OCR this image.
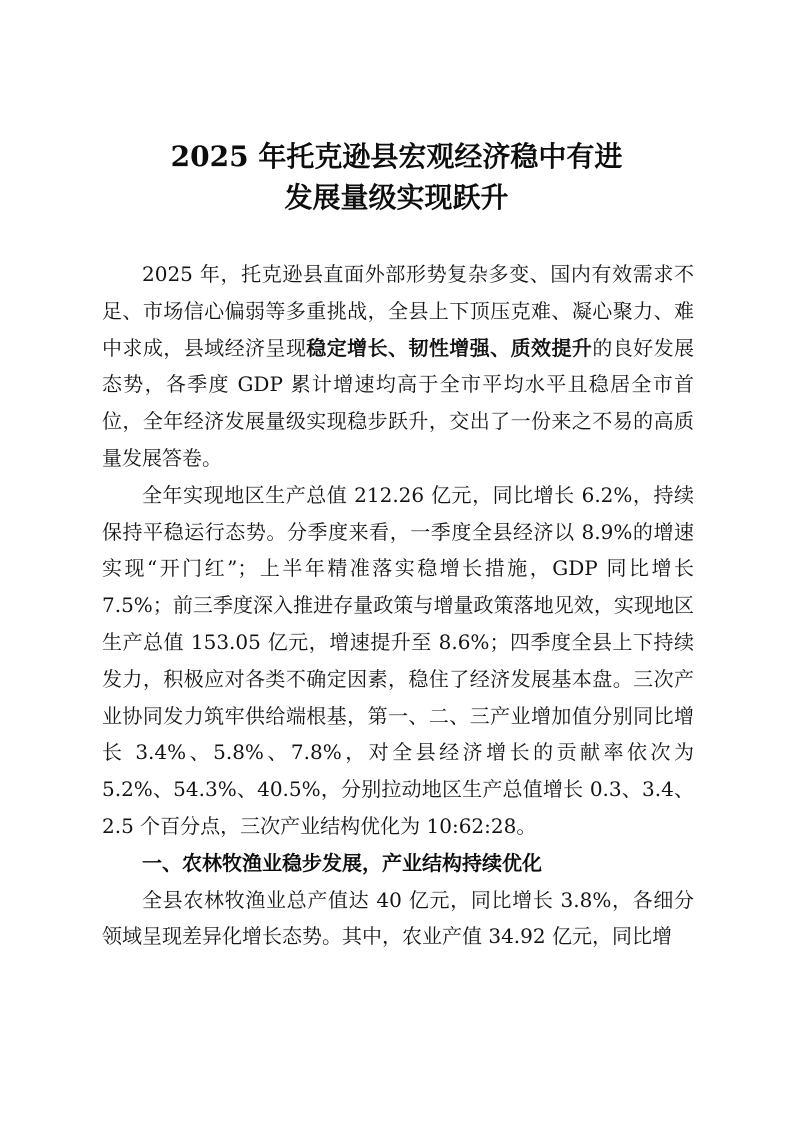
2025 年托克逊县宏观经济稳中有进
发展量级实现跃升

2025 年，托克逊县直面外部形势复杂多变、国内有效需求不足、市场信心偏弱等多重挑战，全县上下顶压克难、凝心聚力、难中求成，县域经济呈现稳定增长、韧性增强、质效提升的良好发展态势，各季度 GDP 累计增速均高于全市平均水平且稳居全市首位，全年经济发展量级实现稳步跃升，交出了一份来之不易的高质量发展答卷。

全年实现地区生产总值 212.26 亿元，同比增长 6.2%，持续保持平稳运行态势。分季度来看，一季度全县经济以 8.9%的增速实现“开门红”；上半年精准落实稳增长措施，GDP 同比增长 7.5%；前三季度深入推进存量政策与增量政策落地见效，实现地区生产总值 153.05 亿元，增速提升至 8.6%；四季度全县上下持续发力，积极应对各类不确定因素，稳住了经济发展基本盘。三次产业协同发力筑牢供给端根基，第一、二、三产业增加值分别同比增长 3.4%、5.8%、7.8%，对全县经济增长的贡献率依次为 5.2%、54.3%、40.5%，分别拉动地区生产总值增长 0.3、3.4、2.5 个百分点，三次产业结构优化为 10:62:28。

一、农林牧渔业稳步发展，产业结构持续优化

全县农林牧渔业总产值达 40 亿元，同比增长 3.8%，各细分领域呈现差异化增长态势。其中，农业产值 34.92 亿元，同比增
